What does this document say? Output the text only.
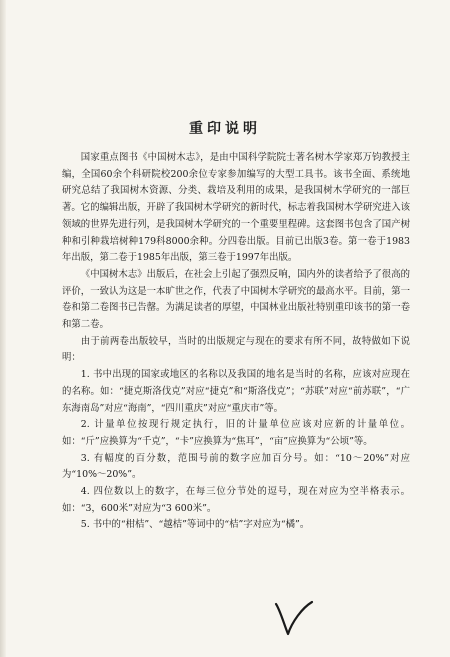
重印说明

国家重点图书《中国树木志》，是由中国科学院院士著名树木学家郑万钧教授主编，全国60余个科研院校200余位专家参加编写的大型工具书。该书全面、系统地研究总结了我国树木资源、分类、栽培及利用的成果，是我国树木学研究的一部巨著。它的编辑出版，开辟了我国树木学研究的新时代，标志着我国树木学研究进入该领域的世界先进行列，是我国树木学研究的一个重要里程碑。这套图书包含了国产树种和引种栽培树种179科8000余种。分四卷出版。目前已出版3卷。第一卷于1983年出版，第二卷于1985年出版，第三卷于1997年出版。

《中国树木志》出版后，在社会上引起了强烈反响，国内外的读者给予了很高的评价，一致认为这是一本旷世之作，代表了中国树木学研究的最高水平。目前，第一卷和第二卷图书已告罄。为满足读者的厚望，中国林业出版社特别重印该书的第一卷和第二卷。

由于前两卷出版较早，当时的出版规定与现在的要求有所不同，故特做如下说明：

1. 书中出现的国家或地区的名称以及我国的地名是当时的名称，应该对应现在的名称。如：“捷克斯洛伐克”对应“捷克”和“斯洛伐克”；“苏联”对应“前苏联”，“广东海南岛”对应“海南”，“四川重庆”对应“重庆市”等。

2. 计量单位按现行规定执行，旧的计量单位应该对应新的计量单位。如：“斤”应换算为“千克”，“卡”应换算为“焦耳”，“亩”应换算为“公顷”等。

3. 有幅度的百分数，范围号前的数字应加百分号。如：“10～20%”对应为“10%～20%”。

4. 四位数以上的数字，在每三位分节处的逗号，现在对应为空半格表示。如：“3，600米”对应为“3 600米”。

5. 书中的“柑桔”、“越桔”等词中的“桔”字对应为“橘”。
